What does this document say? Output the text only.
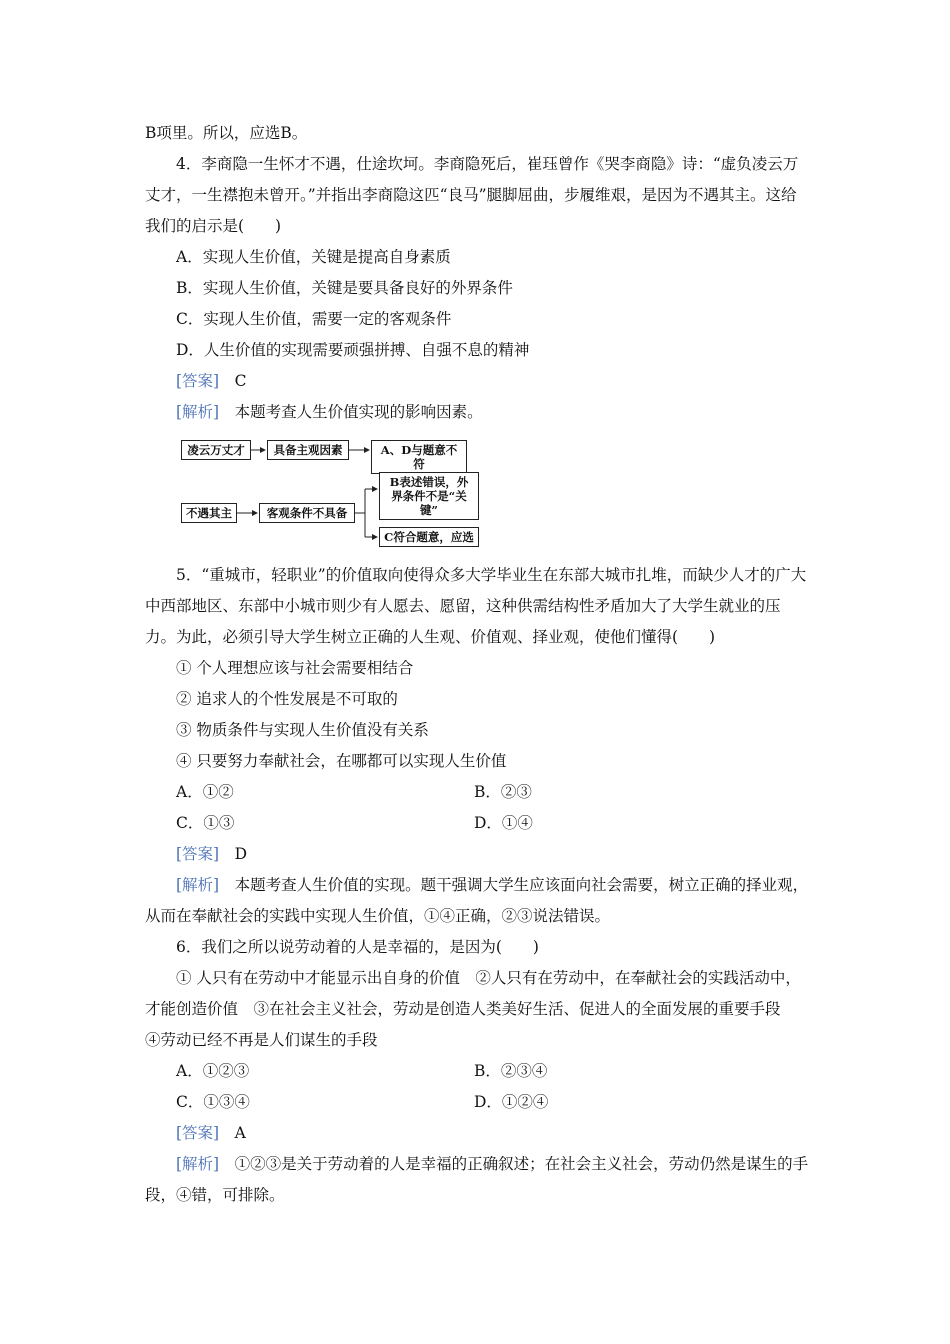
B项里。所以，应选B。

4．李商隐一生怀才不遇，仕途坎坷。李商隐死后，崔珏曾作《哭李商隐》诗：“虚负凌云万丈才，一生襟抱未曾开。”并指出李商隐这匹“良马”腿脚屈曲，步履维艰，是因为不遇其主。这给我们的启示是(　　)

A．实现人生价值，关键是提高自身素质

B．实现人生价值，关键是要具备良好的外界条件

C．实现人生价值，需要一定的客观条件

D．人生价值的实现需要顽强拼搏、自强不息的精神

[答案]　 C

[解析]　 本题考查人生价值实现的影响因素。

凌云万丈才	具备主观因素	A、D与题意不符
不遇其主	客观条件不具备
B表述错误，外界条件不是“关键”
C符合题意，应选

5．“重城市，轻职业”的价值取向使得众多大学毕业生在东部大城市扎堆，而缺少人才的广大中西部地区、东部中小城市则少有人愿去、愿留，这种供需结构性矛盾加大了大学生就业的压力。为此，必须引导大学生树立正确的人生观、价值观、择业观，使他们懂得(　　)

① 个人理想应该与社会需要相结合

② 追求人的个性发展是不可取的

③ 物质条件与实现人生价值没有关系

④ 只要努力奉献社会，在哪都可以实现人生价值

A．①②	B．②③
C．①③	D．①④

[答案]　 D

[解析]　 本题考查人生价值的实现。题干强调大学生应该面向社会需要，树立正确的择业观，从而在奉献社会的实践中实现人生价值，①④正确，②③说法错误。

6．我们之所以说劳动着的人是幸福的，是因为(　　)

① 人只有在劳动中才能显示出自身的价值　②人只有在劳动中，在奉献社会的实践活动中，才能创造价值　③在社会主义社会，劳动是创造人类美好生活、促进人的全面发展的重要手段　④劳动已经不再是人们谋生的手段

A．①②③	B．②③④
C．①③④	D．①②④

[答案]　 A

[解析]　 ①②③是关于劳动着的人是幸福的正确叙述；在社会主义社会，劳动仍然是谋生的手段，④错，可排除。
